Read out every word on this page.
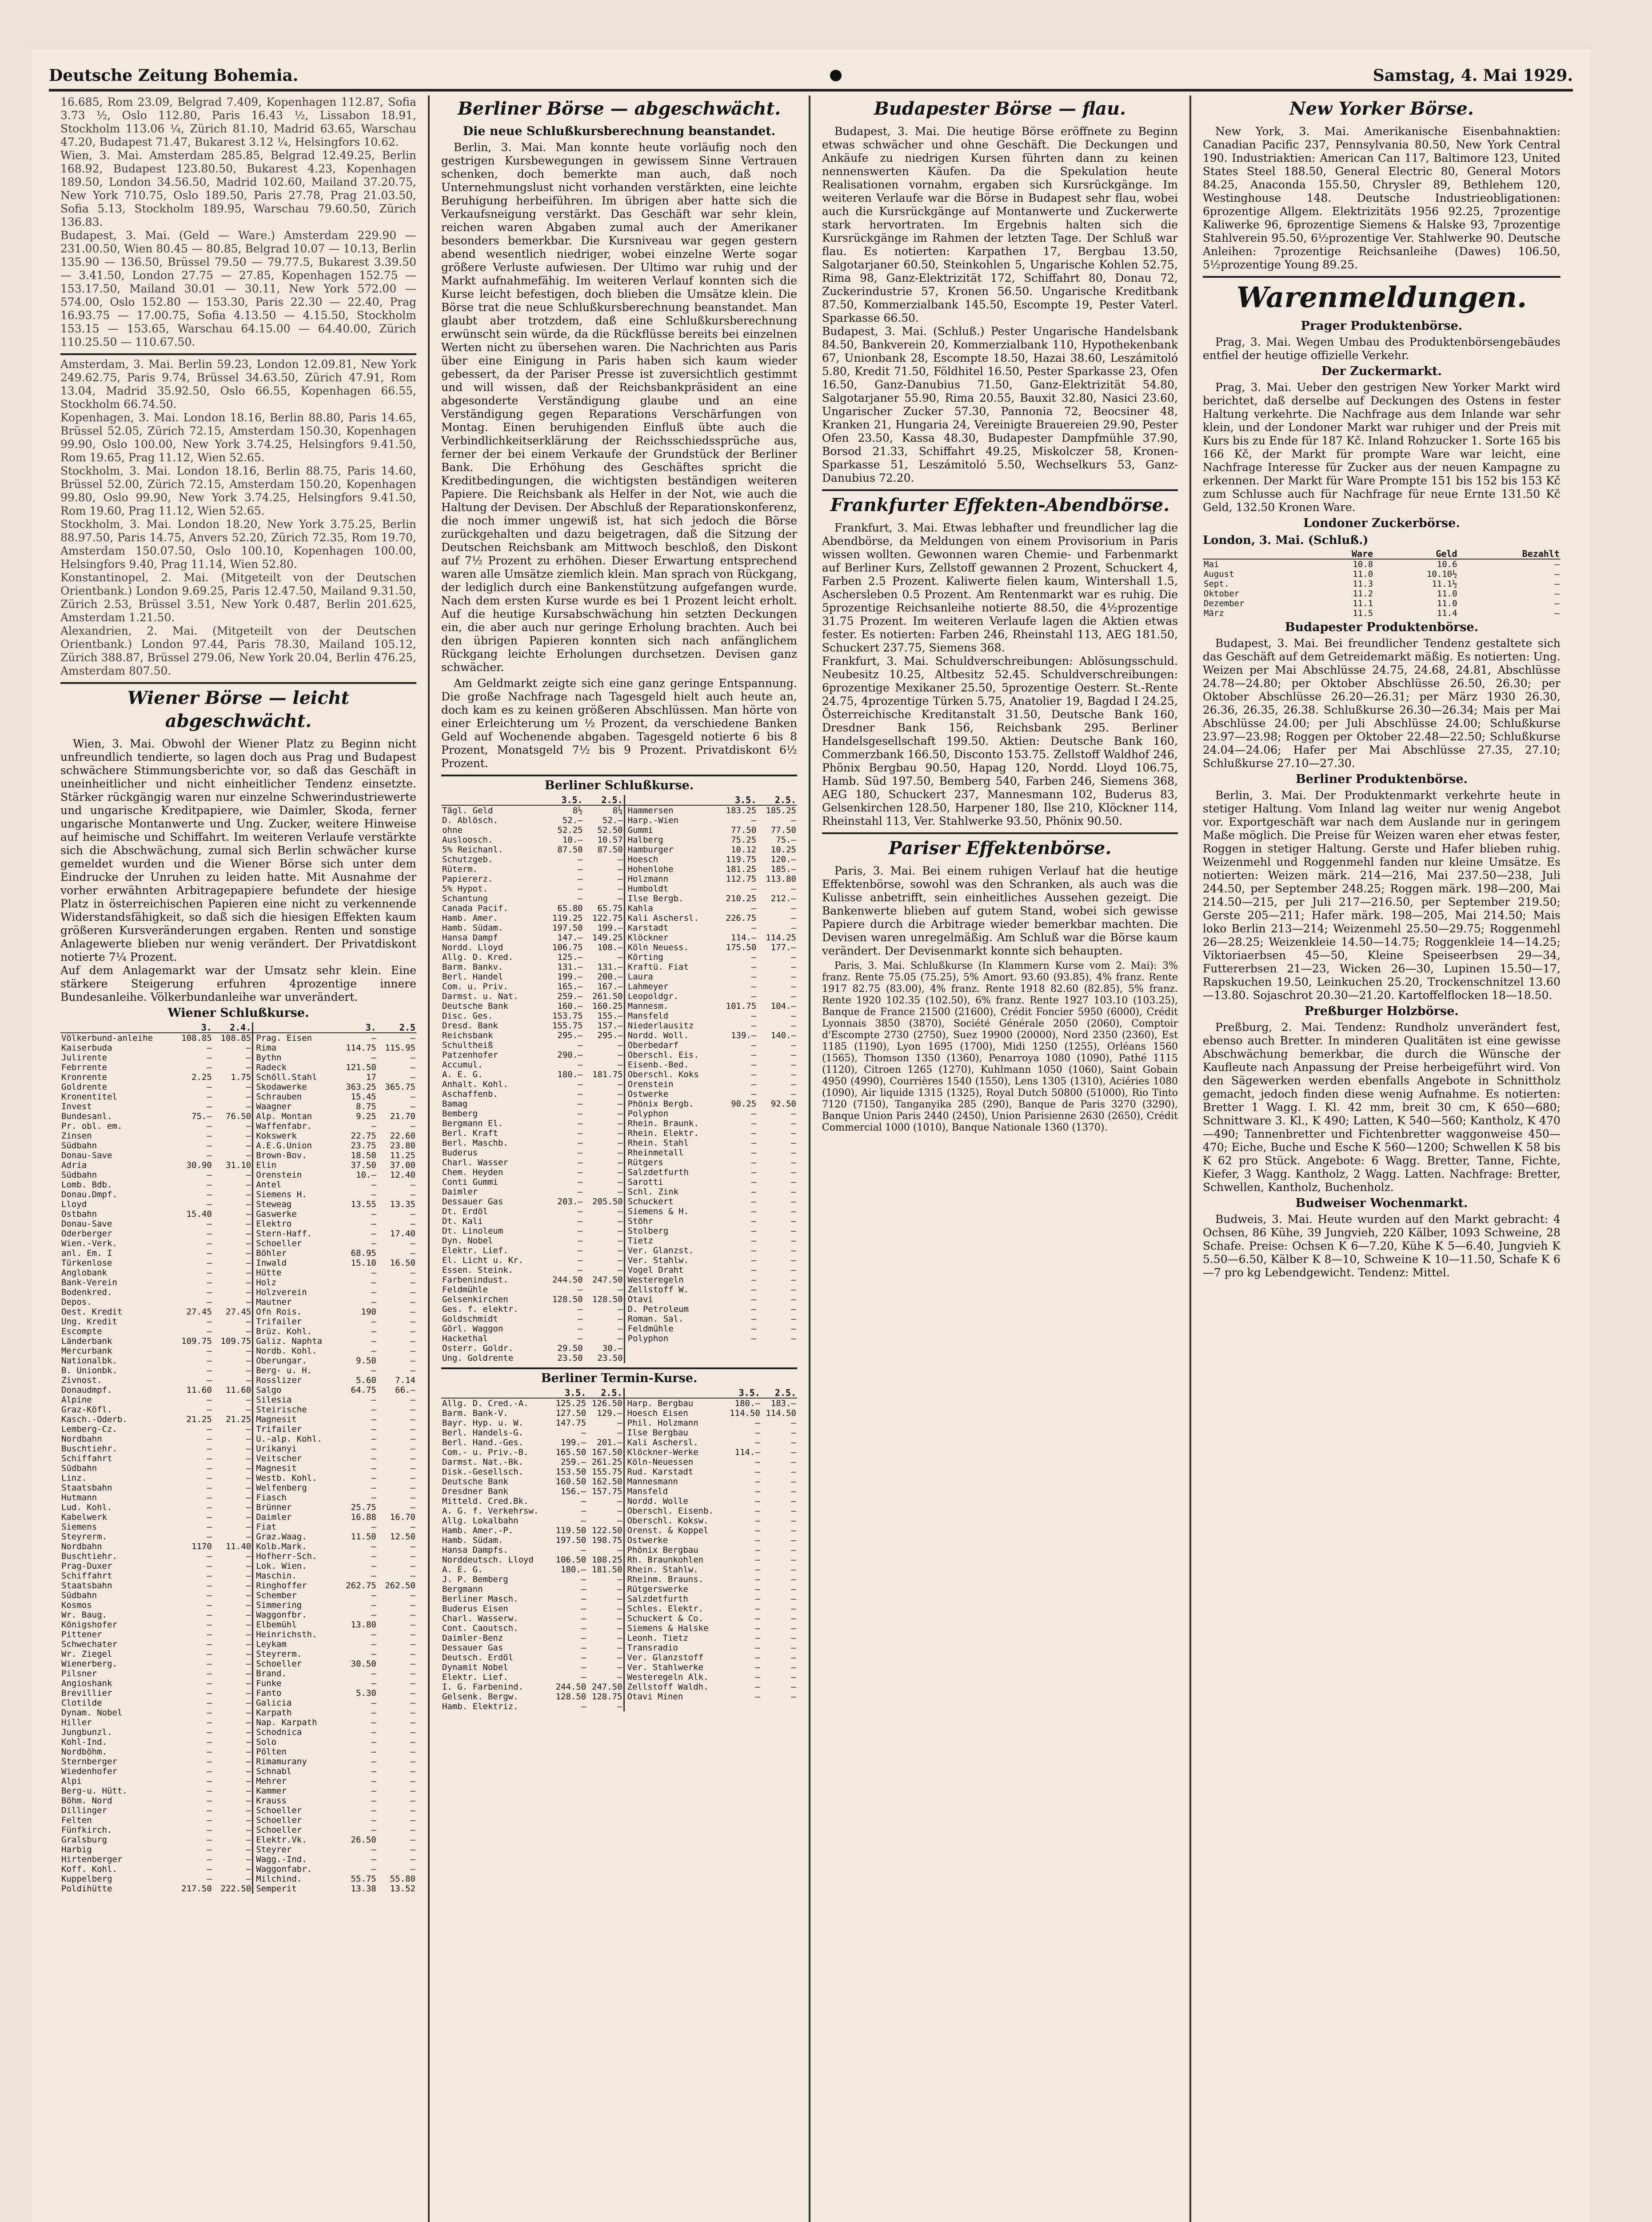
Deutsche Zeitung Bohemia.	Samstag, 4. Mai 1929.

16.685, Rom 23.09, Belgrad 7.409, Kopenhagen 112.87, Sofia 3.73 ½, Oslo 112.80, Paris 16.43 ½, Lissabon 18.91, Stockholm 113.06 ¼, Zürich 81.10, Madrid 63.65, Warschau 47.20, Budapest 71.47, Bukarest 3.12 ¼, Helsingfors 10.62.
Wien, 3. Mai. Amsterdam 285.85, Belgrad 12.49.25, Berlin 168.92, Budapest 123.80.50, Bukarest 4.23, Kopenhagen 189.50, London 34.56.50, Madrid 102.60, Mailand 37.20.75, New York 710.75, Oslo 189.50, Paris 27.78, Prag 21.03.50, Sofia 5.13, Stockholm 189.95, Warschau 79.60.50, Zürich 136.83.
Budapest, 3. Mai. (Geld — Ware.) Amsterdam 229.90 — 231.00.50, Wien 80.45 — 80.85, Belgrad 10.07 — 10.13, Berlin 135.90 — 136.50, Brüssel 79.50 — 79.77.5, Bukarest 3.39.50 — 3.41.50, London 27.75 — 27.85, Kopenhagen 152.75 — 153.17.50, Mailand 30.01 — 30.11, New York 572.00 — 574.00, Oslo 152.80 — 153.30, Paris 22.30 — 22.40, Prag 16.93.75 — 17.00.75, Sofia 4.13.50 — 4.15.50, Stockholm 153.15 — 153.65, Warschau 64.15.00 — 64.40.00, Zürich 110.25.50 — 110.67.50.

Amsterdam, 3. Mai. Berlin 59.23, London 12.09.81, New York 249.62.75, Paris 9.74, Brüssel 34.63.50, Zürich 47.91, Rom 13.04, Madrid 35.92.50, Oslo 66.55, Kopenhagen 66.55, Stockholm 66.74.50.
Kopenhagen, 3. Mai. London 18.16, Berlin 88.80, Paris 14.65, Brüssel 52.05, Zürich 72.15, Amsterdam 150.30, Kopenhagen 99.90, Oslo 100.00, New York 3.74.25, Helsingfors 9.41.50, Rom 19.65, Prag 11.12, Wien 52.65.
Stockholm, 3. Mai. London 18.16, Berlin 88.75, Paris 14.60, Brüssel 52.00, Zürich 72.15, Amsterdam 150.20, Kopenhagen 99.80, Oslo 99.90, New York 3.74.25, Helsingfors 9.41.50, Rom 19.60, Prag 11.12, Wien 52.65.
Stockholm, 3. Mai. London 18.20, New York 3.75.25, Berlin 88.97.50, Paris 14.75, Anvers 52.20, Zürich 72.35, Rom 19.70, Amsterdam 150.07.50, Oslo 100.10, Kopenhagen 100.00, Helsingfors 9.40, Prag 11.14, Wien 52.80.
Konstantinopel, 2. Mai. (Mitgeteilt von der Deutschen Orientbank.) London 9.69.25, Paris 12.47.50, Mailand 9.31.50, Zürich 2.53, Brüssel 3.51, New York 0.487, Berlin 201.625, Amsterdam 1.21.50.
Alexandrien, 2. Mai. (Mitgeteilt von der Deutschen Orientbank.) London 97.44, Paris 78.30, Mailand 105.12, Zürich 388.87, Brüssel 279.06, New York 20.04, Berlin 476.25, Amsterdam 807.50.

Wiener Börse — leicht abgeschwächt.

Wien, 3. Mai. Obwohl der Wiener Platz zu Beginn nicht unfreundlich tendierte, so lagen doch aus Prag und Budapest schwächere Stimmungsberichte vor, so daß das Geschäft in uneinheitlicher und nicht einheitlicher Tendenz einsetzte. Stärker rückgängig waren nur einzelne Schwerindustriewerte und ungarische Kreditpapiere, wie Daimler, Skoda, ferner ungarische Montanwerte und Ung. Zucker, weitere Hinweise auf heimische und Schiffahrt. Im weiteren Verlaufe verstärkte sich die Abschwächung, zumal sich Berlin schwächer kurse gemeldet wurden und die Wiener Börse sich unter dem Eindrucke der Unruhen zu leiden hatte. Mit Ausnahme der vorher erwähnten Arbitragepapiere befundete der hiesige Platz in österreichischen Papieren eine nicht zu verkennende Widerstandsfähigkeit, so daß sich die hiesigen Effekten kaum größeren Kursveränderungen ergaben. Renten und sonstige Anlagewerte blieben nur wenig verändert. Der Privatdiskont notierte 7¼ Prozent.
Auf dem Anlagemarkt war der Umsatz sehr klein. Eine stärkere Steigerung erfuhren 4prozentige innere Bundesanleihe. Völkerbundanleihe war unverändert.

Wiener Schlußkurse.
	3.	2.4.		3.	2.5
Völkerbund-anleihe	108.85	108.85	Prag. Eisen	—	—
Kaiserbuda	—	—	Rima	114.75	115.95
Julirente	—	—	Bythn	—	—
Febrrente	—	—	Radeck	121.50	—
Kronrente	2.25	1.75	Schöll.Stahl	17	—
Goldrente	—	—	Skodawerke	363.25	365.75
Kronentitel	—	—	Schrauben	15.45	—
Invest	—	—	Waagner	8.75	—
Bundesanl.	75.—	76.50	Alp. Montan	9.25	21.70
Pr. obl. em.	—	—	Waffenfabr.	—	—
Zinsen	—	—	Kokswerk	22.75	22.60
Südbahn	—	—	A.E.G.Union	23.75	23.80
Donau-Save	—	—	Brown-Bov.	18.50	11.25
Adria	30.90	31.10	Elin	37.50	37.00
Südbahn	—	—	Orenstein	10.—	12.40
Lomb. Bdb.	—	—	Antel	—	—
Donau.Dmpf.	—	—	Siemens H.	—	—
Lloyd	—	—	Steweag	13.55	13.35
Ostbahn	15.40	—	Gaswerke	—	—
Donau-Save	—	—	Elektro	—	—
Oderberger	—	—	Stern-Haff.	—	17.40
Wien.-Verk.	—	—	Schoeller	—	—
anl. Em. I	—	—	Böhler	68.95	—
Türkenlose	—	—	Inwald	15.10	16.50
Anglobank	—	—	Hütte	—	—
Bank-Verein	—	—	Holz	—	—
Bodenkred.	—	—	Holzverein	—	—
Depos.	—	—	Mautner	—	—
Oest. Kredit	27.45	27.45	Ofn Rois.	190	—
Ung. Kredit	—	—	Trifailer	—	—
Escompte	—	—	Brüz. Kohl.	—	—
Länderbank	109.75	109.75	Galiz. Naphta	—	—
Mercurbank	—	—	Nordb. Kohl.	—	—
Nationalbk.	—	—	Oberungar.	9.50	—
B. Unionbk.	—	—	Berg- u. H.	—	—
Zivnost.	—	—	Rosslizer	5.60	7.14
Donaudmpf.	11.60	11.60	Salgo	64.75	66.—
Alpine	—	—	Silesia	—	—
Graz-Köfl.	—	—	Steirische	—	—
Kasch.-Oderb.	21.25	21.25	Magnesit	—	—
Lemberg-Cz.	—	—	Trifailer	—	—
Nordbahn	—	—	U.-alp. Kohl.	—	—
Buschtiehr.	—	—	Urikanyi	—	—
Schiffahrt	—	—	Veitscher	—	—
Südbahn	—	—	Magnesit	—	—
Linz.	—	—	Westb. Kohl.	—	—
Staatsbahn	—	—	Welfenberg	—	—
Hutmann	—	—	Fiasch	—	—
Lud. Kohl.	—	—	Brünner	25.75	—
Kabelwerk	—	—	Daimler	16.88	16.70
Siemens	—	—	Fiat	—	—
Steyrerm.	—	—	Graz.Waag.	11.50	12.50
Nordbahn	1170	11.40	Kolb.Mark.	—	—
Buschtiehr.	—	—	Hofherr-Sch.	—	—
Prag-Duxer	—	—	Lok. Wien.	—	—
Schiffahrt	—	—	Maschin.	—	—
Staatsbahn	—	—	Ringhoffer	262.75	262.50
Südbahn	—	—	Schember	—	—
Kosmos	—	—	Simmering	—	—
Wr. Baug.	—	—	Waggonfbr.	—	—
Königshofer	—	—	Elbemühl	13.80	—
Pittener	—	—	Heinrichsth.	—	—
Schwechater	—	—	Leykam	—	—
Wr. Ziegel	—	—	Steyrerm.	—	—
Wienerberg.	—	—	Schoeller	30.50	—
Pilsner	—	—	Brand.	—	—
Angioshank	—	—	Funke	—	—
Brevillier	—	—	Fanto	5.30	—
Clotilde	—	—	Galicia	—	—
Dynam. Nobel	—	—	Karpath	—	—
Hiller	—	—	Nap. Karpath	—	—
Jungbunzl.	—	—	Schodnica	—	—
Kohl-Ind.	—	—	Solo	—	—
Nordböhm.	—	—	Pölten	—	—
Sternberger	—	—	Rimamurany	—	—
Wiedenhofer	—	—	Schnabl	—	—
Alpi	—	—	Mehrer	—	—
Berg-u. Hütt.	—	—	Kammer	—	—
Böhm. Nord	—	—	Krauss	—	—
Dillinger	—	—	Schoeller	—	—
Felten	—	—	Schoeller	—	—
Fünfkirch.	—	—	Schoeller	—	—
Gralsburg	—	—	Elektr.Vk.	26.50	—
Harbig	—	—	Steyrer	—	—
Hirtenberger	—	—	Wagg.-Ind.	—	—
Koff. Kohl.	—	—	Waggonfabr.	—	—
Kuppelberg	—	—	Milchind.	55.75	55.80
Poldihütte	217.50	222.50	Semperit	13.38	13.52
Berliner Börse — abgeschwächt.
Die neue Schlußkursberechnung beanstandet.

Berlin, 3. Mai. Man konnte heute vorläufig noch den gestrigen Kursbewegungen in gewissem Sinne Vertrauen schenken, doch bemerkte man auch, daß noch Unternehmungslust nicht vorhanden verstärkten, eine leichte Beruhigung herbeiführen. Im übrigen aber hatte sich die Verkaufsneigung verstärkt. Das Geschäft war sehr klein, reichen waren Abgaben zumal auch der Amerikaner besonders bemerkbar. Die Kursniveau war gegen gestern abend wesentlich niedriger, wobei einzelne Werte sogar größere Verluste aufwiesen. Der Ultimo war ruhig und der Markt aufnahmefähig. Im weiteren Verlauf konnten sich die Kurse leicht befestigen, doch blieben die Umsätze klein. Die Börse trat die neue Schlußkursberechnung beanstandet. Man glaubt aber trotzdem, daß eine Schlußkursberechnung erwünscht sein würde, da die Rückflüsse bereits bei einzelnen Werten nicht zu übersehen waren. Die Nachrichten aus Paris über eine Einigung in Paris haben sich kaum wieder gebessert, da der Pariser Presse ist zuversichtlich gestimmt und will wissen, daß der Reichsbankpräsident an eine abgesonderte Verständigung glaube und an eine Verständigung gegen Reparations Verschärfungen von Montag. Einen beruhigenden Einfluß übte auch die Verbindlichkeitserklärung der Reichsschiedssprüche aus, ferner der bei einem Verkaufe der Grundstück der Berliner Bank. Die Erhöhung des Geschäftes spricht die Kreditbedingungen, die wichtigsten beständigen weiteren Papiere. Die Reichsbank als Helfer in der Not, wie auch die Haltung der Devisen. Der Abschluß der Reparationskonferenz, die noch immer ungewiß ist, hat sich jedoch die Börse zurückgehalten und dazu beigetragen, daß die Sitzung der Deutschen Reichsbank am Mittwoch beschloß, den Diskont auf 7½ Prozent zu erhöhen. Dieser Erwartung entsprechend waren alle Umsätze ziemlich klein. Man sprach von Rückgang, der lediglich durch eine Bankenstützung aufgefangen wurde. Nach dem ersten Kurse wurde es bei 1 Prozent leicht erholt. Auf die heutige Kursabschwächung hin setzten Deckungen ein, die aber auch nur geringe Erholung brachten. Auch bei den übrigen Papieren konnten sich nach anfänglichem Rückgang leichte Erholungen durchsetzen. Devisen ganz schwächer.

Am Geldmarkt zeigte sich eine ganz geringe Entspannung. Die große Nachfrage nach Tagesgeld hielt auch heute an, doch kam es zu keinen größeren Abschlüssen. Man hörte von einer Erleichterung um ½ Prozent, da verschiedene Banken Geld auf Wochenende abgaben. Tagesgeld notierte 6 bis 8 Prozent, Monatsgeld 7½ bis 9 Prozent. Privatdiskont 6½ Prozent.

Berliner Schlußkurse.
	3.5.	2.5.		3.5.	2.5.
Tägl. Geld	8½	8¼	Hammersen	183.25	185.25
D. Ablösch.	52.—	52.—	Harp.-Wien	—	—
ohne	52.25	52.50	Gummi	77.50	77.50
Ausloosch.	10.—	10.57	Halberg	75.25	75.—
5% Reichanl.	87.50	87.50	Hamburger	10.12	10.25
Schutzgeb.	—	—	Hoesch	119.75	120.—
Rüterm.	—	—	Hohenlohe	181.25	185.—
Papiererz.	—	—	Holzmann	112.75	113.80
5% Hypot.	—	—	Humboldt	—	—
Schantung	—	—	Ilse Bergb.	210.25	212.—
Canada Pacif.	65.80	65.75	Kahla	—	—
Hamb. Amer.	119.25	122.75	Kali Aschersl.	226.75	—
Hamb. Südam.	197.50	199.—	Karstadt	—	—
Hansa Dampf	147.—	149.25	Klöckner	114.—	114.25
Nordd. Lloyd	106.75	108.—	Köln Neuess.	175.50	177.—
Allg. D. Kred.	125.—	—	Körting	—	—
Barm. Bankv.	131.—	131.—	Kraftü. Fiat	—	—
Berl. Handel	199.—	200.—	Laura	—	—
Com. u. Priv.	165.—	167.—	Lahmeyer	—	—
Darmst. u. Nat.	259.—	261.50	Leopoldgr.	—	—
Deutsche Bank	160.—	160.25	Mannesm.	101.75	104.—
Disc. Ges.	153.75	155.—	Mansfeld	—	—
Dresd. Bank	155.75	157.—	Niederlausitz	—	—
Reichsbank	295.—	295.—	Nordd. Woll.	139.—	140.—
Schultheiß	—	—	Oberbedarf	—	—
Patzenhofer	290.—	—	Oberschl. Eis.	—	—
Accumul.	—	—	Eisenb.-Bed.	—	—
A. E. G.	180.—	181.75	Oberschl. Koks	—	—
Anhalt. Kohl.	—	—	Orenstein	—	—
Aschaffenb.	—	—	Ostwerke	—	—
Bamag	—	—	Phönix Bergb.	90.25	92.50
Bemberg	—	—	Polyphon	—	—
Bergmann El.	—	—	Rhein. Braunk.	—	—
Berl. Kraft	—	—	Rhein. Elektr.	—	—
Berl. Maschb.	—	—	Rhein. Stahl	—	—
Buderus	—	—	Rheinmetall	—	—
Charl. Wasser	—	—	Rütgers	—	—
Chem. Heyden	—	—	Salzdetfurth	—	—
Conti Gummi	—	—	Sarotti	—	—
Daimler	—	—	Schl. Zink	—	—
Dessauer Gas	203.—	205.50	Schuckert	—	—
Dt. Erdöl	—	—	Siemens & H.	—	—
Dt. Kali	—	—	Stöhr	—	—
Dt. Linoleum	—	—	Stolberg	—	—
Dyn. Nobel	—	—	Tietz	—	—
Elektr. Lief.	—	—	Ver. Glanzst.	—	—
El. Licht u. Kr.	—	—	Ver. Stahlw.	—	—
Essen. Steink.	—	—	Vogel Draht	—	—
Farbenindust.	244.50	247.50	Westeregeln	—	—
Feldmühle	—	—	Zellstoff W.	—	—
Gelsenkirchen	128.50	128.50	Otavi	—	—
Ges. f. elektr.	—	—	D. Petroleum	—	—
Goldschmidt	—	—	Roman. Sal.	—	—
Görl. Waggon	—	—	Feldmühle	—	—
Hackethal	—	—	Polyphon	—	—
Osterr. Goldr.	29.50	30.—			
Ung. Goldrente	23.50	23.50			
Berliner Termin-Kurse.
	3.5.	2.5.		3.5.	2.5.
Allg. D. Cred.-A.	125.25	126.50	Harp. Bergbau	180.—	183.—
Barm. Bank-V.	127.50	129.—	Hoesch Eisen	114.50	114.50
Bayr. Hyp. u. W.	147.75	—	Phil. Holzmann	—	—
Berl. Handels-G.	—	—	Ilse Bergbau	—	—
Berl. Hand.-Ges.	199.—	201.—	Kali Aschersl.	—	—
Com.- u. Priv.-B.	165.50	167.50	Klöckner-Werke	114.—	—
Darmst. Nat.-Bk.	259.—	261.25	Köln-Neuessen	—	—
Disk.-Gesellsch.	153.50	155.75	Rud. Karstadt	—	—
Deutsche Bank	160.50	162.50	Mannesmann	—	—
Dresdner Bank	156.—	157.75	Mansfeld	—	—
Mitteld. Cred.Bk.	—	—	Nordd. Wolle	—	—
A. G. f. Verkehrsw.	—	—	Oberschl. Eisenb.	—	—
Allg. Lokalbahn	—	—	Oberschl. Koksw.	—	—
Hamb. Amer.-P.	119.50	122.50	Orenst. & Koppel	—	—
Hamb. Südam.	197.50	198.75	Ostwerke	—	—
Hansa Dampfs.	—	—	Phönix Bergbau	—	—
Norddeutsch. Lloyd	106.50	108.25	Rh. Braunkohlen	—	—
A. E. G.	180.—	181.50	Rhein. Stahlw.	—	—
J. P. Bemberg	—	—	Rheinm. Brauns.	—	—
Bergmann	—	—	Rütgerswerke	—	—
Berliner Masch.	—	—	Salzdetfurth	—	—
Buderus Eisen	—	—	Schles. Elektr.	—	—
Charl. Wasserw.	—	—	Schuckert & Co.	—	—
Cont. Caoutsch.	—	—	Siemens & Halske	—	—
Daimler-Benz	—	—	Leonh. Tietz	—	—
Dessauer Gas	—	—	Transradio	—	—
Deutsch. Erdöl	—	—	Ver. Glanzstoff	—	—
Dynamit Nobel	—	—	Ver. Stahlwerke	—	—
Elektr. Lief.	—	—	Westeregeln Alk.	—	—
I. G. Farbenind.	244.50	247.50	Zellstoff Waldh.	—	—
Gelsenk. Bergw.	128.50	128.75	Otavi Minen	—	—
Hamb. Elektriz.	—	—			
Budapester Börse — flau.

Budapest, 3. Mai. Die heutige Börse eröffnete zu Beginn etwas schwächer und ohne Geschäft. Die Deckungen und Ankäufe zu niedrigen Kursen führten dann zu keinen nennenswerten Käufen. Da die Spekulation heute Realisationen vornahm, ergaben sich Kursrückgänge. Im weiteren Verlaufe war die Börse in Budapest sehr flau, wobei auch die Kursrückgänge auf Montanwerte und Zuckerwerte stark hervortraten. Im Ergebnis halten sich die Kursrückgänge im Rahmen der letzten Tage. Der Schluß war flau. Es notierten: Karpathen 17, Bergbau 13.50, Salgotarjaner 60.50, Steinkohlen 5, Ungarische Kohlen 52.75, Rima 98, Ganz-Elektrizität 172, Schiffahrt 80, Donau 72, Zuckerindustrie 57, Kronen 56.50. Ungarische Kreditbank 87.50, Kommerzialbank 145.50, Escompte 19, Pester Vaterl. Sparkasse 66.50.
Budapest, 3. Mai. (Schluß.) Pester Ungarische Handelsbank 84.50, Bankverein 20, Kommerzialbank 110, Hypothekenbank 67, Unionbank 28, Escompte 18.50, Hazai 38.60, Leszámitoló 5.80, Kredit 71.50, Földhitel 16.50, Pester Sparkasse 23, Ofen 16.50, Ganz-Danubius 71.50, Ganz-Elektrizität 54.80, Salgotarjaner 55.90, Rima 20.55, Bauxit 32.80, Nasici 23.60, Ungarischer Zucker 57.30, Pannonia 72, Beocsiner 48, Kranken 21, Hungaria 24, Vereinigte Brauereien 29.90, Pester Ofen 23.50, Kassa 48.30, Budapester Dampfmühle 37.90, Borsod 21.33, Schiffahrt 49.25, Miskolczer 58, Kronen-Sparkasse 51, Leszámitoló 5.50, Wechselkurs 53, Ganz-Danubius 72.20.

Frankfurter Effekten-Abendbörse.

Frankfurt, 3. Mai. Etwas lebhafter und freundlicher lag die Abendbörse, da Meldungen von einem Provisorium in Paris wissen wollten. Gewonnen waren Chemie- und Farbenmarkt auf Berliner Kurs, Zellstoff gewannen 2 Prozent, Schuckert 4, Farben 2.5 Prozent. Kaliwerte fielen kaum, Wintershall 1.5, Aschersleben 0.5 Prozent. Am Rentenmarkt war es ruhig. Die 5prozentige Reichsanleihe notierte 88.50, die 4½prozentige 31.75 Prozent. Im weiteren Verlaufe lagen die Aktien etwas fester. Es notierten: Farben 246, Rheinstahl 113, AEG 181.50, Schuckert 237.75, Siemens 368.
Frankfurt, 3. Mai. Schuldverschreibungen: Ablösungsschuld. Neubesitz 10.25, Altbesitz 52.45. Schuldverschreibungen: 6prozentige Mexikaner 25.50, 5prozentige Oesterr. St.-Rente 24.75, 4prozentige Türken 5.75, Anatolier 19, Bagdad I 24.25, Österreichische Kreditanstalt 31.50, Deutsche Bank 160, Dresdner Bank 156, Reichsbank 295. Berliner Handelsgesellschaft 199.50. Aktien: Deutsche Bank 160, Commerzbank 166.50, Disconto 153.75. Zellstoff Waldhof 246, Phönix Bergbau 90.50, Hapag 120, Nordd. Lloyd 106.75, Hamb. Süd 197.50, Bemberg 540, Farben 246, Siemens 368, AEG 180, Schuckert 237, Mannesmann 102, Buderus 83, Gelsenkirchen 128.50, Harpener 180, Ilse 210, Klöckner 114, Rheinstahl 113, Ver. Stahlwerke 93.50, Phönix 90.50.

Pariser Effektenbörse.

Paris, 3. Mai. Bei einem ruhigen Verlauf hat die heutige Effektenbörse, sowohl was den Schranken, als auch was die Kulisse anbetrifft, sein einheitliches Aussehen gezeigt. Die Bankenwerte blieben auf gutem Stand, wobei sich gewisse Papiere durch die Arbitrage wieder bemerkbar machten. Die Devisen waren unregelmäßig. Am Schluß war die Börse kaum verändert. Der Devisenmarkt konnte sich behaupten.

Paris, 3. Mai. Schlußkurse (In Klammern Kurse vom 2. Mai): 3% franz. Rente 75.05 (75.25), 5% Amort. 93.60 (93.85), 4% franz. Rente 1917 82.75 (83.00), 4% franz. Rente 1918 82.60 (82.85), 5% franz. Rente 1920 102.35 (102.50), 6% franz. Rente 1927 103.10 (103.25), Banque de France 21500 (21600), Crédit Foncier 5950 (6000), Crédit Lyonnais 3850 (3870), Société Générale 2050 (2060), Comptoir d'Escompte 2730 (2750), Suez 19900 (20000), Nord 2350 (2360), Est 1185 (1190), Lyon 1695 (1700), Midi 1250 (1255), Orléans 1560 (1565), Thomson 1350 (1360), Penarroya 1080 (1090), Pathé 1115 (1120), Citroen 1265 (1270), Kuhlmann 1050 (1060), Saint Gobain 4950 (4990), Courrières 1540 (1550), Lens 1305 (1310), Aciéries 1080 (1090), Air liquide 1315 (1325), Royal Dutch 50800 (51000), Rio Tinto 7120 (7150), Tanganyika 285 (290), Banque de Paris 3270 (3290), Banque Union Paris 2440 (2450), Union Parisienne 2630 (2650), Crédit Commercial 1000 (1010), Banque Nationale 1360 (1370).

New Yorker Börse.

New York, 3. Mai. Amerikanische Eisenbahnaktien: Canadian Pacific 237, Pennsylvania 80.50, New York Central 190. Industriaktien: American Can 117, Baltimore 123, United States Steel 188.50, General Electric 80, General Motors 84.25, Anaconda 155.50, Chrysler 89, Bethlehem 120, Westinghouse 148. Deutsche Industrieobligationen: 6prozentige Allgem. Elektrizitäts 1956 92.25, 7prozentige Kaliwerke 96, 6prozentige Siemens & Halske 93, 7prozentige Stahlverein 95.50, 6½prozentige Ver. Stahlwerke 90. Deutsche Anleihen: 7prozentige Reichsanleihe (Dawes) 106.50, 5½prozentige Young 89.25.

Warenmeldungen.
Prager Produktenbörse.

Prag, 3. Mai. Wegen Umbau des Produktenbörsengebäudes entfiel der heutige offizielle Verkehr.

Der Zuckermarkt.

Prag, 3. Mai. Ueber den gestrigen New Yorker Markt wird berichtet, daß derselbe auf Deckungen des Ostens in fester Haltung verkehrte. Die Nachfrage aus dem Inlande war sehr klein, und der Londoner Markt war ruhiger und der Preis mit Kurs bis zu Ende für 187 Kč. Inland Rohzucker 1. Sorte 165 bis 166 Kč, der Markt für prompte Ware war leicht, eine Nachfrage Interesse für Zucker aus der neuen Kampagne zu erkennen. Der Markt für Ware Prompte 151 bis 152 bis 153 Kč zum Schlusse auch für Nachfrage für neue Ernte 131.50 Kč Geld, 132.50 Kronen Ware.

Londoner Zuckerbörse.
London, 3. Mai. (Schluß.)
	Ware	Geld	Bezahlt
Mai	10.8	10.6	—
August	11.0	10.10½	—
Sept.	11.3	11.1½	—
Oktober	11.2	11.0	—
Dezember	11.1	11.0	—
März	11.5	11.4	—
Budapester Produktenbörse.

Budapest, 3. Mai. Bei freundlicher Tendenz gestaltete sich das Geschäft auf dem Getreidemarkt mäßig. Es notierten: Ung. Weizen per Mai Abschlüsse 24.75, 24.68, 24.81, Abschlüsse 24.78—24.80; per Oktober Abschlüsse 26.50, 26.30; per Oktober Abschlüsse 26.20—26.31; per März 1930 26.30, 26.36, 26.35, 26.38. Schlußkurse 26.30—26.34; Mais per Mai Abschlüsse 24.00; per Juli Abschlüsse 24.00; Schlußkurse 23.97—23.98; Roggen per Oktober 22.48—22.50; Schlußkurse 24.04—24.06; Hafer per Mai Abschlüsse 27.35, 27.10; Schlußkurse 27.10—27.30.

Berliner Produktenbörse.

Berlin, 3. Mai. Der Produktenmarkt verkehrte heute in stetiger Haltung. Vom Inland lag weiter nur wenig Angebot vor. Exportgeschäft war nach dem Auslande nur in geringem Maße möglich. Die Preise für Weizen waren eher etwas fester, Roggen in stetiger Haltung. Gerste und Hafer blieben ruhig. Weizenmehl und Roggenmehl fanden nur kleine Umsätze. Es notierten: Weizen märk. 214—216, Mai 237.50—238, Juli 244.50, per September 248.25; Roggen märk. 198—200, Mai 214.50—215, per Juli 217—216.50, per September 219.50; Gerste 205—211; Hafer märk. 198—205, Mai 214.50; Mais loko Berlin 213—214; Weizenmehl 25.50—29.75; Roggenmehl 26—28.25; Weizenkleie 14.50—14.75; Roggenkleie 14—14.25; Viktoriaerbsen 45—50, Kleine Speiseerbsen 29—34, Futtererbsen 21—23, Wicken 26—30, Lupinen 15.50—17, Rapskuchen 19.50, Leinkuchen 25.20, Trockenschnitzel 13.60—13.80. Sojaschrot 20.30—21.20. Kartoffelflocken 18—18.50.

Preßburger Holzbörse.

Preßburg, 2. Mai. Tendenz: Rundholz unverändert fest, ebenso auch Bretter. In minderen Qualitäten ist eine gewisse Abschwächung bemerkbar, die durch die Wünsche der Kaufleute nach Anpassung der Preise herbeigeführt wird. Von den Sägewerken werden ebenfalls Angebote in Schnittholz gemacht, jedoch finden diese wenig Aufnahme. Es notierten: Bretter 1 Wagg. I. Kl. 42 mm, breit 30 cm, K 650—680; Schnittware 3. Kl., K 490; Latten, K 540—560; Kantholz, K 470—490; Tannenbretter und Fichtenbretter waggonweise 450—470; Eiche, Buche und Esche K 560—1200; Schwellen K 58 bis K 62 pro Stück. Angebote: 6 Wagg. Bretter, Tanne, Fichte, Kiefer, 3 Wagg. Kantholz, 2 Wagg. Latten. Nachfrage: Bretter, Schwellen, Kantholz, Buchenholz.

Budweiser Wochenmarkt.

Budweis, 3. Mai. Heute wurden auf den Markt gebracht: 4 Ochsen, 86 Kühe, 39 Jungvieh, 220 Kälber, 1093 Schweine, 28 Schafe. Preise: Ochsen K 6—7.20, Kühe K 5—6.40, Jungvieh K 5.50—6.50, Kälber K 8—10, Schweine K 10—11.50, Schafe K 6—7 pro kg Lebendgewicht. Tendenz: Mittel.
